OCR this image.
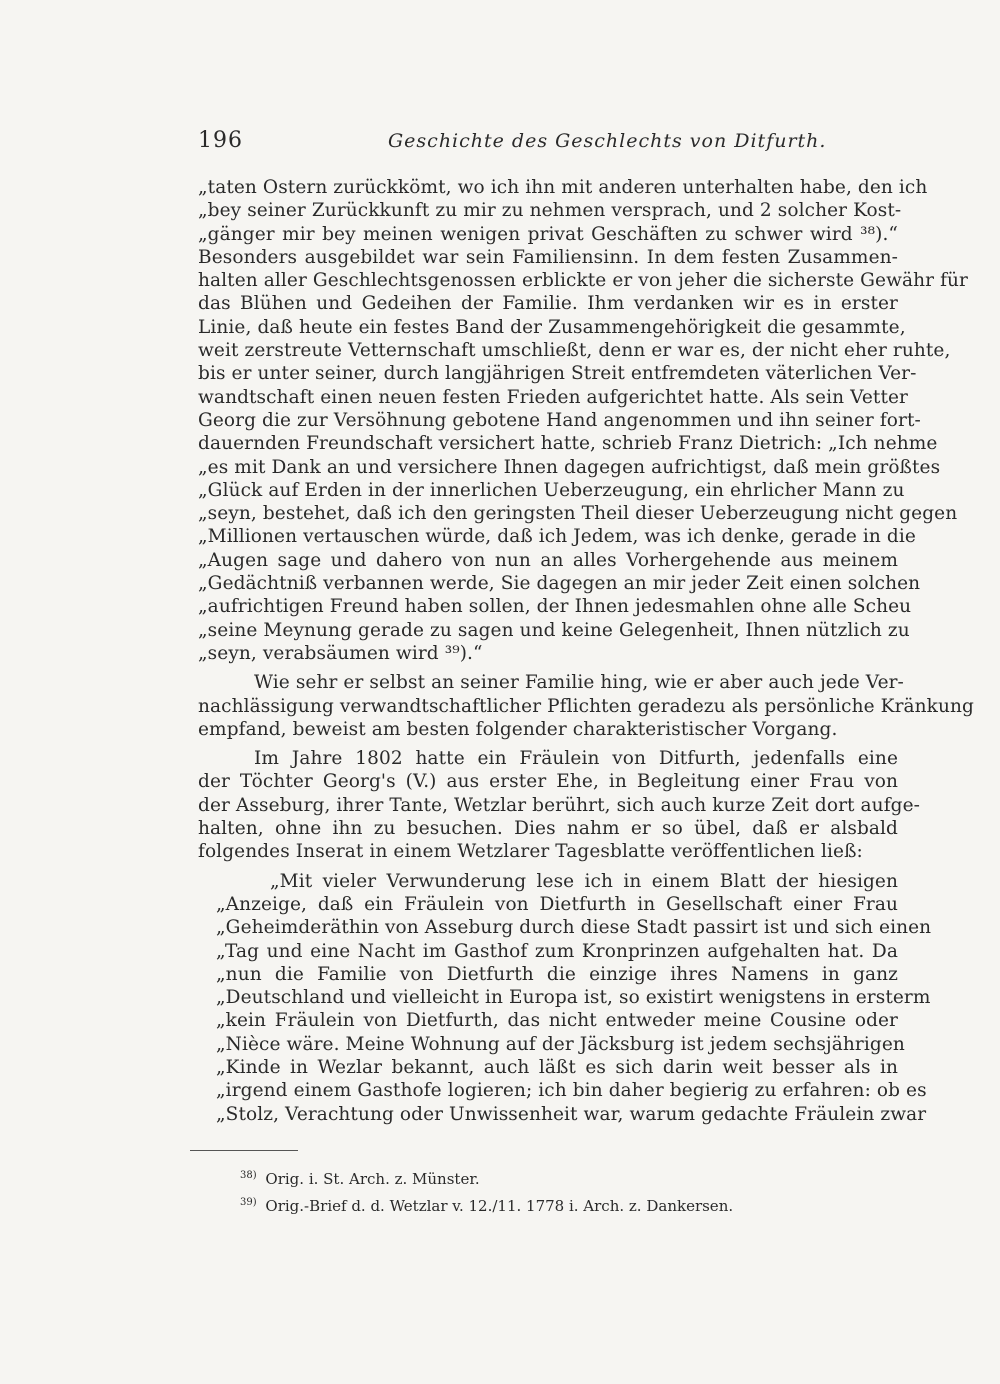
196	Geschichte des Geschlechts von Ditfurth.
„taten Ostern zurückkömt, wo ich ihn mit anderen unterhalten habe, den ich
„bey seiner Zurückkunft zu mir zu nehmen versprach, und 2 solcher Kost-
„gänger mir bey meinen wenigen privat Geschäften zu schwer wird ³⁸).“
Besonders ausgebildet war sein Familiensinn. In dem festen Zusammen-
halten aller Geschlechtsgenossen erblickte er von jeher die sicherste Gewähr für
das Blühen und Gedeihen der Familie. Ihm verdanken wir es in erster
Linie, daß heute ein festes Band der Zusammengehörigkeit die gesammte,
weit zerstreute Vetternschaft umschließt, denn er war es, der nicht eher ruhte,
bis er unter seiner, durch langjährigen Streit entfremdeten väterlichen Ver-
wandtschaft einen neuen festen Frieden aufgerichtet hatte. Als sein Vetter
Georg die zur Versöhnung gebotene Hand angenommen und ihn seiner fort-
dauernden Freundschaft versichert hatte, schrieb Franz Dietrich: „Ich nehme
„es mit Dank an und versichere Ihnen dagegen aufrichtigst, daß mein größtes
„Glück auf Erden in der innerlichen Ueberzeugung, ein ehrlicher Mann zu
„seyn, bestehet, daß ich den geringsten Theil dieser Ueberzeugung nicht gegen
„Millionen vertauschen würde, daß ich Jedem, was ich denke, gerade in die
„Augen sage und dahero von nun an alles Vorhergehende aus meinem
„Gedächtniß verbannen werde, Sie dagegen an mir jeder Zeit einen solchen
„aufrichtigen Freund haben sollen, der Ihnen jedesmahlen ohne alle Scheu
„seine Meynung gerade zu sagen und keine Gelegenheit, Ihnen nützlich zu
„seyn, verabsäumen wird ³⁹).“
Wie sehr er selbst an seiner Familie hing, wie er aber auch jede Ver-
nachlässigung verwandtschaftlicher Pflichten geradezu als persönliche Kränkung
empfand, beweist am besten folgender charakteristischer Vorgang.
Im Jahre 1802 hatte ein Fräulein von Ditfurth, jedenfalls eine
der Töchter Georg's (V.) aus erster Ehe, in Begleitung einer Frau von
der Asseburg, ihrer Tante, Wetzlar berührt, sich auch kurze Zeit dort aufge-
halten, ohne ihn zu besuchen. Dies nahm er so übel, daß er alsbald
folgendes Inserat in einem Wetzlarer Tagesblatte veröffentlichen ließ:
„Mit vieler Verwunderung lese ich in einem Blatt der hiesigen
„Anzeige, daß ein Fräulein von Dietfurth in Gesellschaft einer Frau
„Geheimderäthin von Asseburg durch diese Stadt passirt ist und sich einen
„Tag und eine Nacht im Gasthof zum Kronprinzen aufgehalten hat. Da
„nun die Familie von Dietfurth die einzige ihres Namens in ganz
„Deutschland und vielleicht in Europa ist, so existirt wenigstens in ersterm
„kein Fräulein von Dietfurth, das nicht entweder meine Cousine oder
„Nièce wäre. Meine Wohnung auf der Jäcksburg ist jedem sechsjährigen
„Kinde in Wezlar bekannt, auch läßt es sich darin weit besser als in
„irgend einem Gasthofe logieren; ich bin daher begierig zu erfahren: ob es
„Stolz, Verachtung oder Unwissenheit war, warum gedachte Fräulein zwar
$^{38)}$ Orig. i. St. Arch. z. Münster.
$^{39)}$ Orig.-Brief d. d. Wetzlar v. 12./11. 1778 i. Arch. z. Dankersen.
